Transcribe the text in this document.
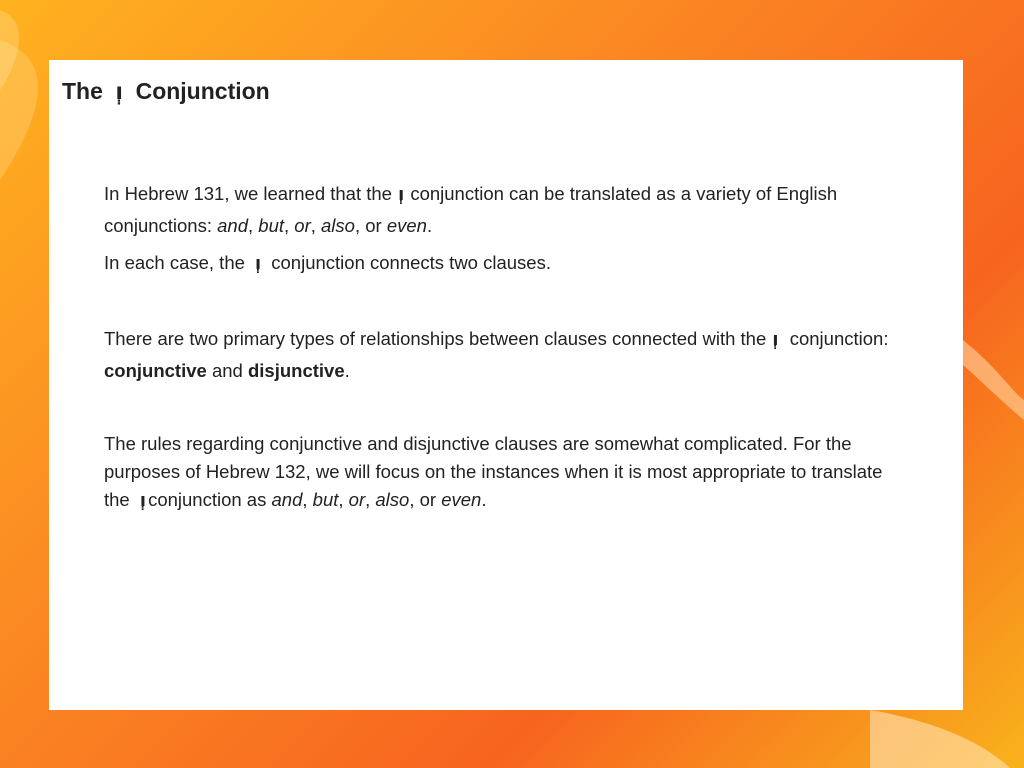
The וְ Conjunction

In Hebrew 131, we learned that the וְ conjunction can be translated as a variety of English conjunctions: and, but, or, also, or even.

In each case, the וְ conjunction connects two clauses.

There are two primary types of relationships between clauses connected with the וְ conjunction: conjunctive and disjunctive.

The rules regarding conjunctive and disjunctive clauses are somewhat complicated. For the purposes of Hebrew 132, we will focus on the instances when it is most appropriate to translate the וְ conjunction as and, but, or, also, or even.
